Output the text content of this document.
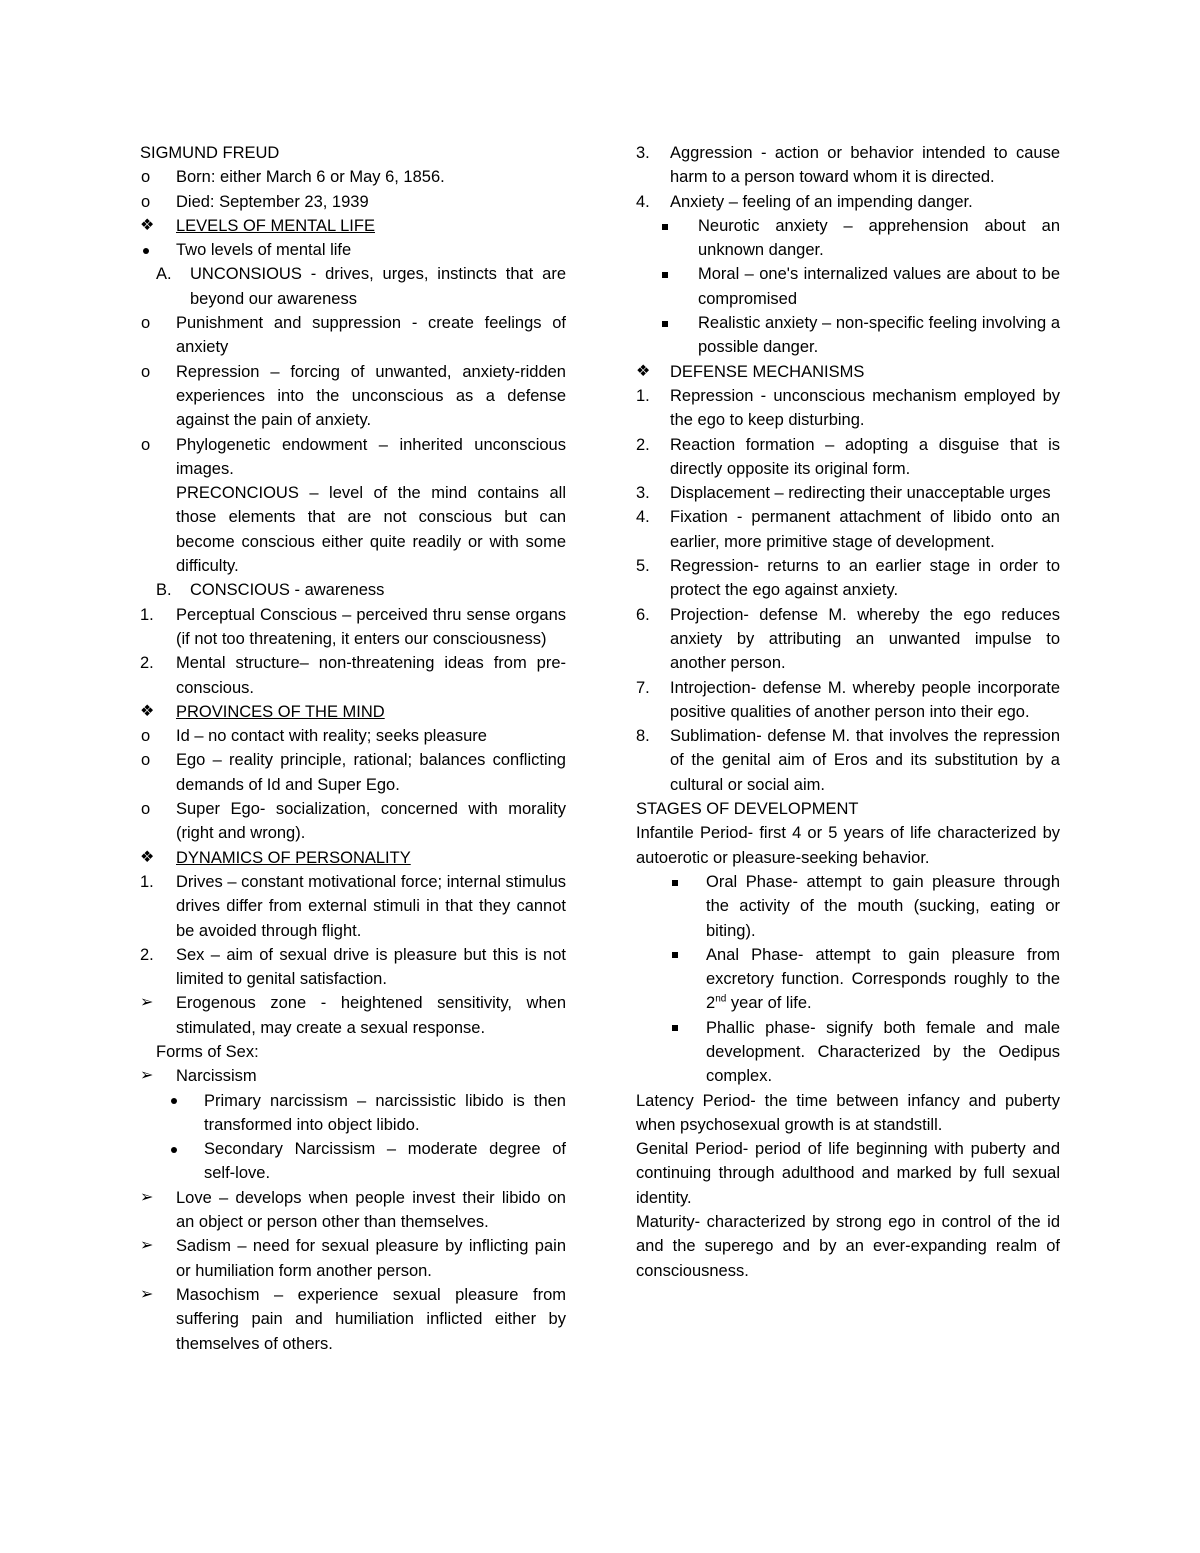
SIGMUND FREUD
o Born: either March 6 or May 6, 1856.
o Died: September 23, 1939
❖ LEVELS OF MENTAL LIFE
Two levels of mental life
A. UNCONSIOUS - drives, urges, instincts that are beyond our awareness
o Punishment and suppression - create feelings of anxiety
o Repression – forcing of unwanted, anxiety-ridden experiences into the unconscious as a defense against the pain of anxiety.
o Phylogenetic endowment – inherited unconscious images.
PRECONCIOUS – level of the mind contains all those elements that are not conscious but can become conscious either quite readily or with some difficulty.
B. CONSCIOUS - awareness
1. Perceptual Conscious – perceived thru sense organs (if not too threatening, it enters our consciousness)
2. Mental structure– non-threatening ideas from pre-conscious.
❖ PROVINCES OF THE MIND
o Id – no contact with reality; seeks pleasure
o Ego – reality principle, rational; balances conflicting demands of Id and Super Ego.
o Super Ego- socialization, concerned with morality (right and wrong).
❖ DYNAMICS OF PERSONALITY
1. Drives – constant motivational force; internal stimulus drives differ from external stimuli in that they cannot be avoided through flight.
2. Sex – aim of sexual drive is pleasure but this is not limited to genital satisfaction.
➢ Erogenous zone - heightened sensitivity, when stimulated, may create a sexual response.
Forms of Sex:
➢ Narcissism
Primary narcissism – narcissistic libido is then transformed into object libido.
Secondary Narcissism – moderate degree of self-love.
➢ Love – develops when people invest their libido on an object or person other than themselves.
➢ Sadism – need for sexual pleasure by inflicting pain or humiliation form another person.
➢ Masochism – experience sexual pleasure from suffering pain and humiliation inflicted either by themselves of others.
3. Aggression - action or behavior intended to cause harm to a person toward whom it is directed.
4. Anxiety – feeling of an impending danger.
Neurotic anxiety – apprehension about an unknown danger.
Moral – one's internalized values are about to be compromised
Realistic anxiety – non-specific feeling involving a possible danger.
❖ DEFENSE MECHANISMS
1. Repression - unconscious mechanism employed by the ego to keep disturbing.
2. Reaction formation – adopting a disguise that is directly opposite its original form.
3. Displacement – redirecting their unacceptable urges
4. Fixation - permanent attachment of libido onto an earlier, more primitive stage of development.
5. Regression- returns to an earlier stage in order to protect the ego against anxiety.
6. Projection- defense M. whereby the ego reduces anxiety by attributing an unwanted impulse to another person.
7. Introjection- defense M. whereby people incorporate positive qualities of another person into their ego.
8. Sublimation- defense M. that involves the repression of the genital aim of Eros and its substitution by a cultural or social aim.
STAGES OF DEVELOPMENT
Infantile Period- first 4 or 5 years of life characterized by autoerotic or pleasure-seeking behavior.
Oral Phase- attempt to gain pleasure through the activity of the mouth (sucking, eating or biting).
Anal Phase- attempt to gain pleasure from excretory function. Corresponds roughly to the 2nd year of life.
Phallic phase- signify both female and male development. Characterized by the Oedipus complex.
Latency Period- the time between infancy and puberty when psychosexual growth is at standstill.
Genital Period- period of life beginning with puberty and continuing through adulthood and marked by full sexual identity.
Maturity- characterized by strong ego in control of the id and the superego and by an ever-expanding realm of consciousness.
